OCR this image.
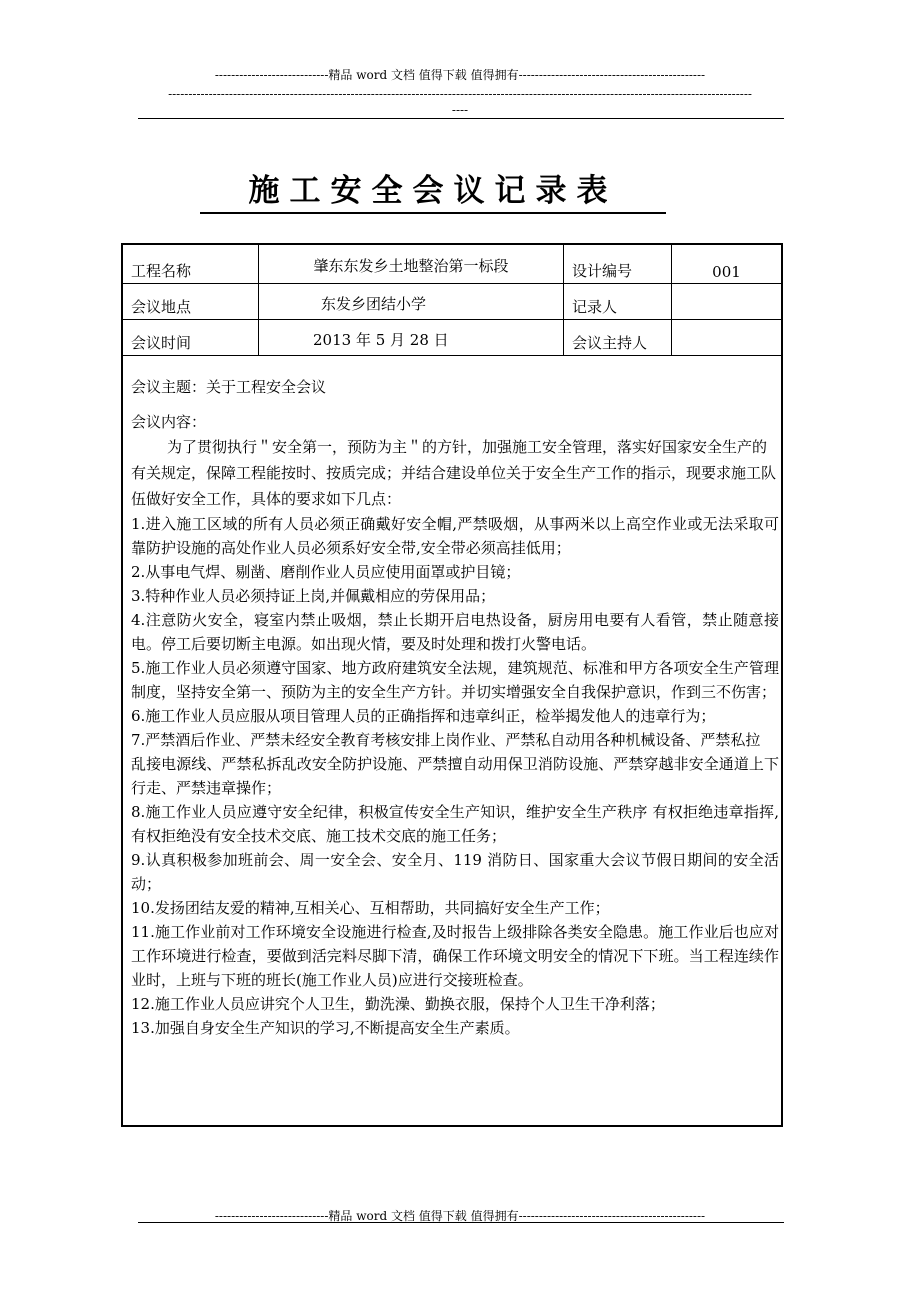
----------------------------精品 word 文档 值得下载 值得拥有----------------------------------------------
------------------------------------------------------------------------------------------------------------------------------------------------
----
施工安全会议记录表
工程名称	肇东东发乡土地整治第一标段	设计编号	001
会议地点	东发乡团结小学	记录人
会议时间	2013 年 5 月 28 日	会议主持人

会议主题：关于工程安全会议

会议内容：

为了贯彻执行＂安全第一，预防为主＂的方针，加强施工安全管理，落实好国家安全生产的有关规定，保障工程能按时、按质完成；并结合建设单位关于安全生产工作的指示，现要求施工队伍做好安全工作，具体的要求如下几点：

1.进入施工区域的所有人员必须正确戴好安全帽,严禁吸烟，从事两米以上高空作业或无法采取可靠防护设施的高处作业人员必须系好安全带,安全带必须高挂低用；

2.从事电气焊、剔凿、磨削作业人员应使用面罩或护目镜；

3.特种作业人员必须持证上岗,并佩戴相应的劳保用品；

4.注意防火安全，寝室内禁止吸烟，禁止长期开启电热设备，厨房用电要有人看管，禁止随意接电。停工后要切断主电源。如出现火情，要及时处理和拨打火警电话。

5.施工作业人员必须遵守国家、地方政府建筑安全法规，建筑规范、标准和甲方各项安全生产管理制度，坚持安全第一、预防为主的安全生产方针。并切实增强安全自我保护意识，作到三不伤害；

6.施工作业人员应服从项目管理人员的正确指挥和违章纠正，检举揭发他人的违章行为；

7.严禁酒后作业、严禁未经安全教育考核安排上岗作业、严禁私自动用各种机械设备、严禁私拉

乱接电源线、严禁私拆乱改安全防护设施、严禁擅自动用保卫消防设施、严禁穿越非安全通道上下行走、严禁违章操作；

8.施工作业人员应遵守安全纪律，积极宣传安全生产知识，维护安全生产秩序 有权拒绝违章指挥,有权拒绝没有安全技术交底、施工技术交底的施工任务；

9.认真积极参加班前会、周一安全会、安全月、119 消防日、国家重大会议节假日期间的安全活动；

10.发扬团结友爱的精神,互相关心、互相帮助，共同搞好安全生产工作；

11.施工作业前对工作环境安全设施进行检查,及时报告上级排除各类安全隐患。施工作业后也应对工作环境进行检查，要做到活完料尽脚下清，确保工作环境文明安全的情况下下班。当工程连续作业时，上班与下班的班长(施工作业人员)应进行交接班检查。

12.施工作业人员应讲究个人卫生，勤洗澡、勤换衣服，保持个人卫生干净利落；

13.加强自身安全生产知识的学习,不断提高安全生产素质。

----------------------------精品 word 文档 值得下载 值得拥有----------------------------------------------
